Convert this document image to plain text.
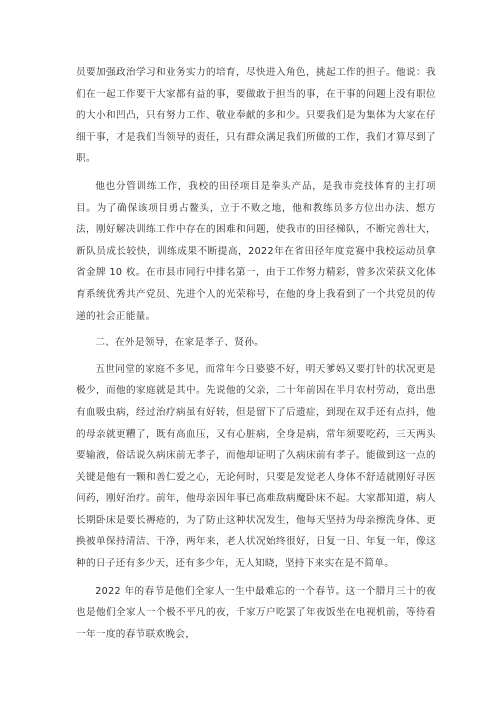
员要加强政治学习和业务实力的培育，尽快进入角色，挑起工作的担子。他说：我们在一起工作要干大家都有益的事，要做敢于担当的事，在干事的问题上没有职位的大小和凹凸，只有努力工作、敬业奉献的多和少。只要我们是为集体为大家在仔细干事，才是我们当领导的责任，只有群众满足我们所做的工作，我们才算尽到了职。

他也分管训练工作，我校的田径项目是拳头产品，是我市竞技体育的主打项目。为了确保该项目勇占鳌头，立于不败之地，他和教练员多方位出办法、想方法，刚好解决训练工作中存在的困难和问题，使我市的田径梯队，不断完善壮大，新队员成长较快，训练成果不断提高，2022年在省田径年度竞赛中我校运动员拿省金牌 10 枚。在市县市同行中排名第一，由于工作努力精彩，曾多次荣获文化体育系统优秀共产党员、先进个人的光荣称号，在他的身上我看到了一个共党员的传递的社会正能量。

二、在外是领导，在家是孝子、贤孙。

五世同堂的家庭不多见，而常年今日婆婆不好，明天爹妈又要打针的状况更是极少，而他的家庭就是其中。先说他的父亲，二十年前因在半月农村劳动，竟出患有血吸虫病，经过治疗病虽有好转，但是留下了后遗症，到现在双手还有点抖，他的母亲就更糟了，既有高血压，又有心脏病，全身是病，常年须要吃药，三天两头要输液，俗话说久病床前无孝子，而他却证明了久病床前有孝子。能做到这一点的关键是他有一颗和善仁爱之心，无论何时，只要是发觉老人身体不舒适就刚好寻医问药，刚好治疗。前年，他母亲因年事已高难敌病魔卧床不起。大家都知道，病人长期卧床是要长褥疮的，为了防止这种状况发生，他每天坚持为母亲擦洗身体、更换被单保持清洁、干净，两年来，老人状况始终很好，日复一日、年复一年，像这种的日子还有多少天，还有多少年，无人知晓，坚持下来实在是不简单。

2022 年的春节是他们全家人一生中最难忘的一个春节。这一个腊月三十的夜也是他们全家人一个极不平凡的夜，千家万户吃罢了年夜饭坐在电视机前，等待看一年一度的春节联欢晚会，
